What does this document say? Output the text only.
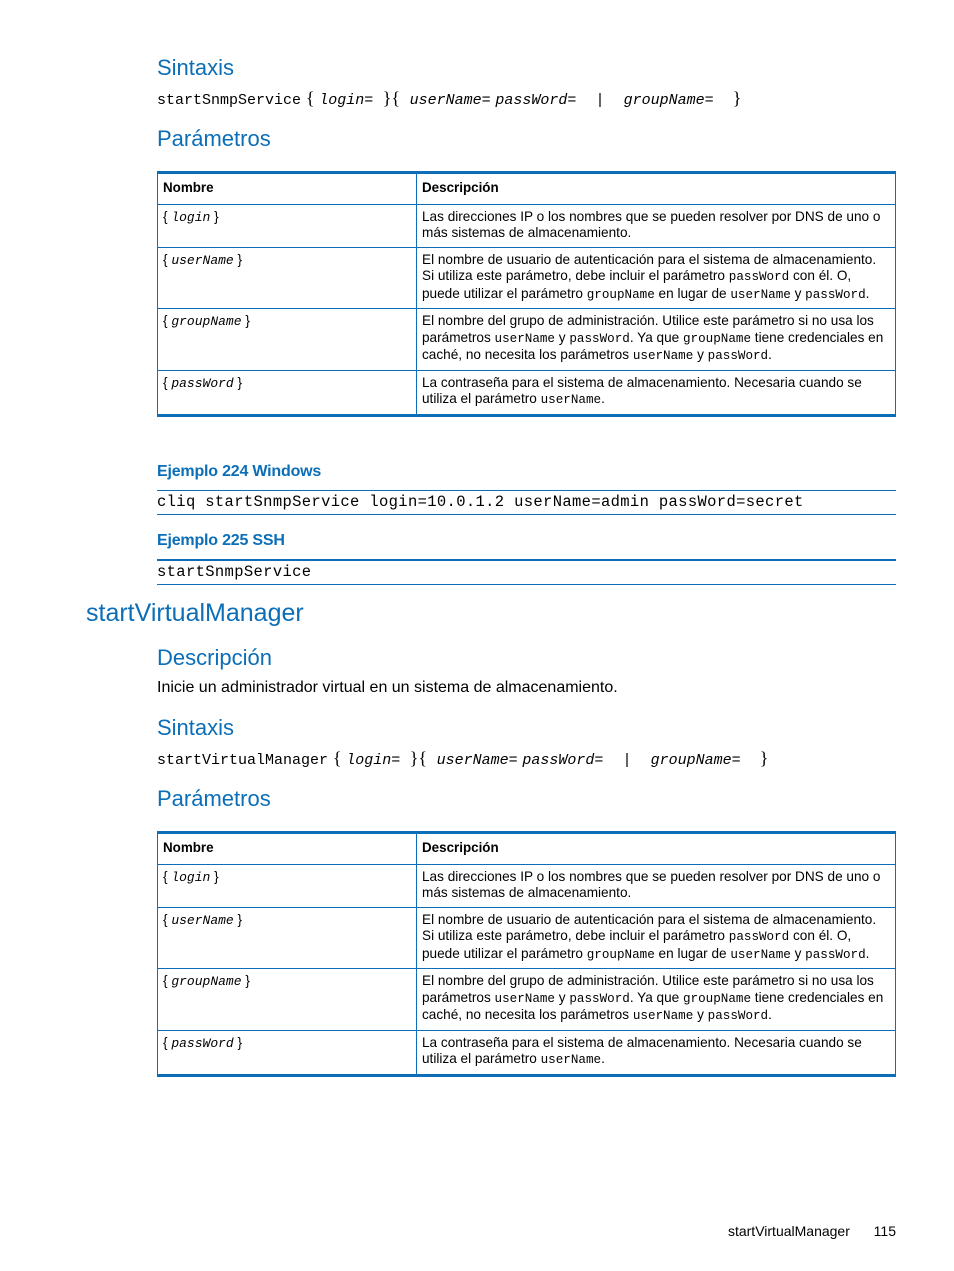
Sintaxis
startSnmpService { login= }{ userName= passWord= | groupName= }
Parámetros
Nombre	Descripción
{ login }	Las direcciones IP o los nombres que se pueden resolver por DNS de uno o más sistemas de almacenamiento.
{ userName }	El nombre de usuario de autenticación para el sistema de almacenamiento. Si utiliza este parámetro, debe incluir el parámetro passWord con él. O, puede utilizar el parámetro groupName en lugar de userName y passWord.
{ groupName }	El nombre del grupo de administración. Utilice este parámetro si no usa los parámetros userName y passWord. Ya que groupName tiene credenciales en caché, no necesita los parámetros userName y passWord.
{ passWord }	La contraseña para el sistema de almacenamiento. Necesaria cuando se utiliza el parámetro userName.
Ejemplo 224 Windows
cliq startSnmpService login=10.0.1.2 userName=admin passWord=secret
Ejemplo 225 SSH
startSnmpService
startVirtualManager
Descripción
Inicie un administrador virtual en un sistema de almacenamiento.
Sintaxis
startVirtualManager { login= }{ userName= passWord= | groupName= }
Parámetros
Nombre	Descripción
{ login }	Las direcciones IP o los nombres que se pueden resolver por DNS de uno o más sistemas de almacenamiento.
{ userName }	El nombre de usuario de autenticación para el sistema de almacenamiento. Si utiliza este parámetro, debe incluir el parámetro passWord con él. O, puede utilizar el parámetro groupName en lugar de userName y passWord.
{ groupName }	El nombre del grupo de administración. Utilice este parámetro si no usa los parámetros userName y passWord. Ya que groupName tiene credenciales en caché, no necesita los parámetros userName y passWord.
{ passWord }	La contraseña para el sistema de almacenamiento. Necesaria cuando se utiliza el parámetro userName.
startVirtualManager 115
